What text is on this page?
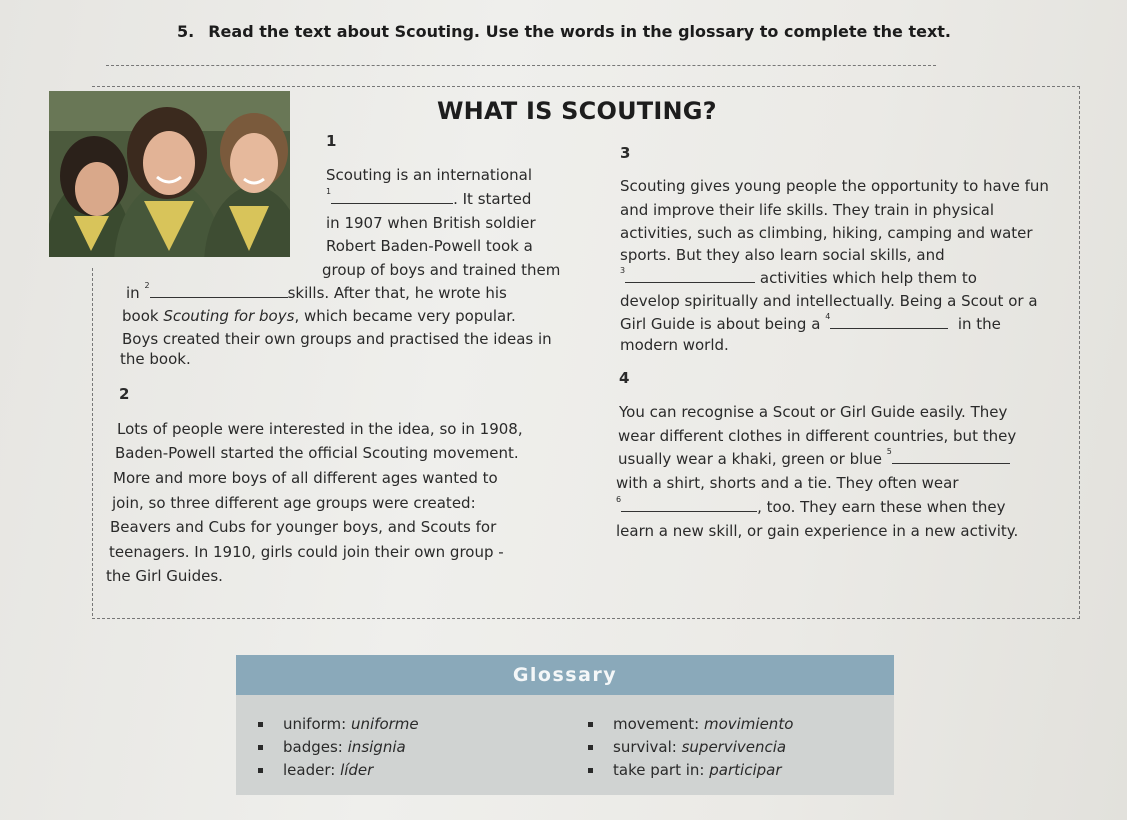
5. Read the text about Scouting. Use the words in the glossary to complete the text.
WHAT IS SCOUTING?
1
Scouting is an international
$^1$	. It started
in 1907 when British soldier
Robert Baden-Powell took a
group of boys and trained them
in $^2$	skills. After that, he wrote his
book Scouting for boys, which became very popular.
Boys created their own groups and practised the ideas in
the book.
2
Lots of people were interested in the idea, so in 1908,
Baden-Powell started the official Scouting movement.
More and more boys of all different ages wanted to
join, so three different age groups were created:
Beavers and Cubs for younger boys, and Scouts for
teenagers. In 1910, girls could join their own group -
the Girl Guides.
3
Scouting gives young people the opportunity to have fun
and improve their life skills. They train in physical
activities, such as climbing, hiking, camping and water
sports. But they also learn social skills, and
$^3$	activities which help them to
develop spiritually and intellectually. Being a Scout or a
Girl Guide is about being a $^4$	in the
modern world.
4
You can recognise a Scout or Girl Guide easily. They
wear different clothes in different countries, but they
usually wear a khaki, green or blue $^5$
with a shirt, shorts and a tie. They often wear
$^6$	, too. They earn these when they
learn a new skill, or gain experience in a new activity.
Glossary
uniform: uniforme
badges: insignia
leader: líder
movement: movimiento
survival: supervivencia
take part in: participar
